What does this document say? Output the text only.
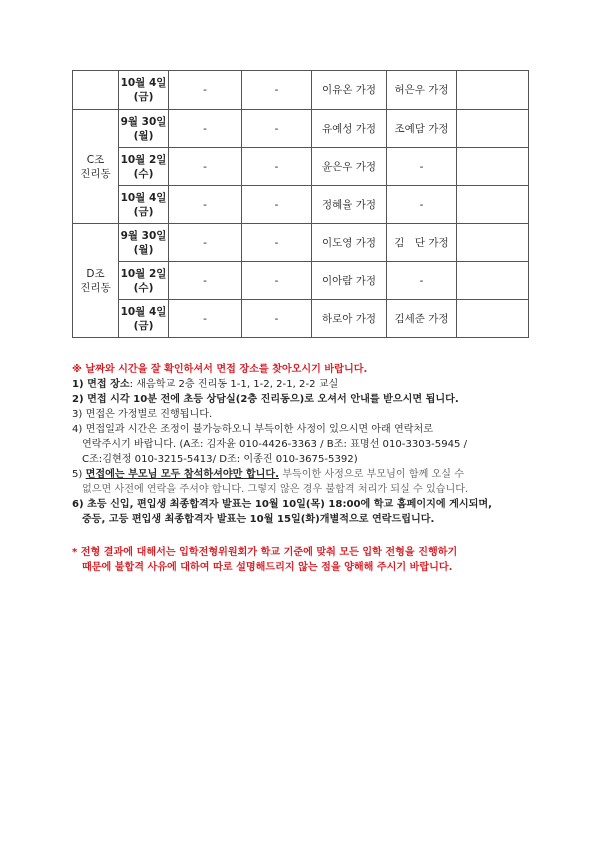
	10월 4일
(금)	-	-	이유온 가정	허은우 가정	

C조
진리동	9월 30일
(월)	-	-	유예성 가정	조예담 가정	
	10월 2일
(수)	-	-	윤은우 가정	-	
	10월 4일
(금)	-	-	정혜율 가정	-	

D조
진리동	9월 30일
(월)	-	-	이도영 가정	김　단 가정	
	10월 2일
(수)	-	-	이아람 가정	-	
	10월 4일
(금)	-	-	하로아 가정	김세준 가정	

※ 날짜와 시간을 잘 확인하셔서 면접 장소를 찾아오시기 바랍니다.

1) 면접 장소: 새음학교 2층 진리동 1-1, 1-2, 2-1, 2-2 교실

2) 면접 시각 10분 전에 초등 상담실(2층 진리동으)로 오셔서 안내를 받으시면 됩니다.

3) 면접은 가정별로 진행됩니다.

4) 면접일과 시간은 조정이 불가능하오니 부득이한 사정이 있으시면 아래 연락처로

연락주시기 바랍니다. (A조: 김자윤 010-4426-3363 / B조: 표명선 010-3303-5945 /

C조:김현정 010-3215-5413/ D조: 이종진 010-3675-5392)

5) 면접에는 부모님 모두 참석하셔야만 합니다. 부득이한 사정으로 부모님이 함께 오실 수

없으면 사전에 연락을 주셔야 합니다. 그렇지 않은 경우 불합격 처리가 되실 수 있습니다.

6) 초등 신입, 편입생 최종합격자 발표는 10월 10일(목) 18:00에 학교 홈페이지에 게시되며,

중등, 고등 편입생 최종합격자 발표는 10월 15일(화)개별적으로 연락드립니다.

* 전형 결과에 대해서는 입학전형위원회가 학교 기준에 맞춰 모든 입학 전형을 진행하기

때문에 불합격 사유에 대하여 따로 설명해드리지 않는 점을 양해해 주시기 바랍니다.
